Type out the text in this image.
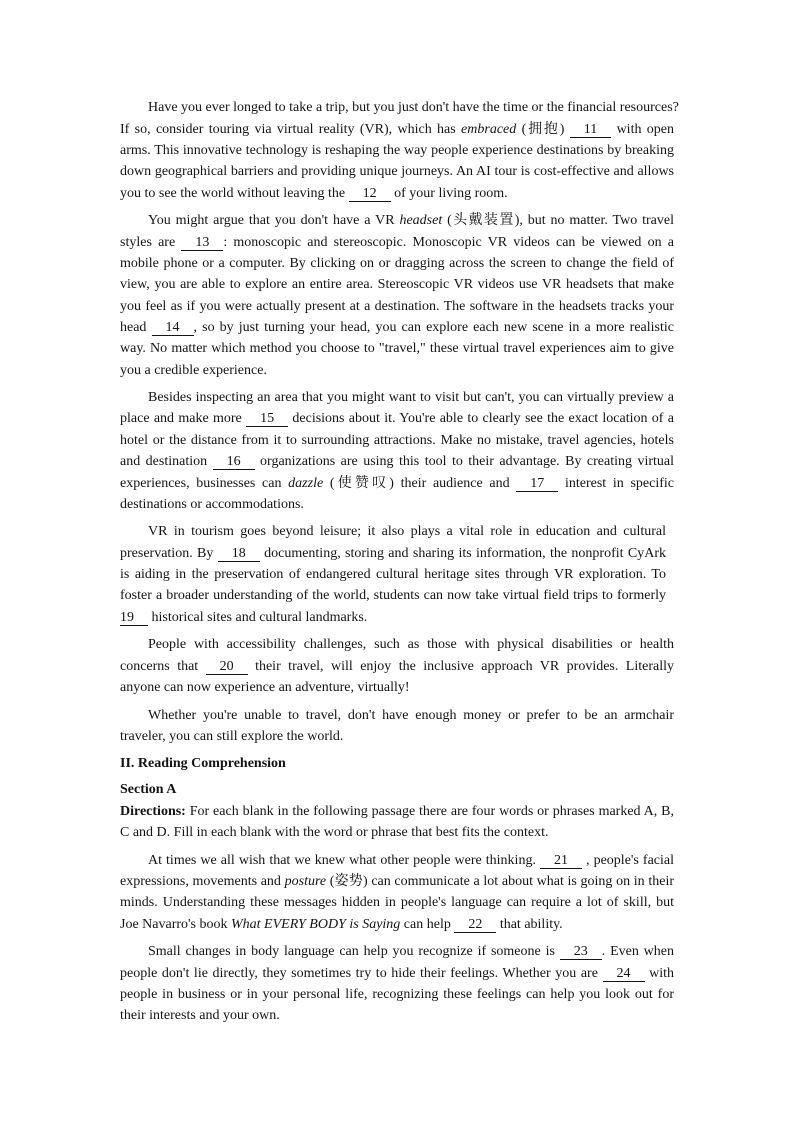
Have you ever longed to take a trip, but you just don't have the time or the financial resources?
If so, consider touring via virtual reality (VR), which has embraced (拥抱) 11 with open
arms. This innovative technology is reshaping the way people experience destinations by breaking
down geographical barriers and providing unique journeys. An AI tour is cost-effective and allows
you to see the world without leaving the 12 of your living room.
You might argue that you don't have a VR headset (头戴装置), but no matter. Two travel
styles are 13 : monoscopic and stereoscopic. Monoscopic VR videos can be viewed on a
mobile phone or a computer. By clicking on or dragging across the screen to change the field of
view, you are able to explore an entire area. Stereoscopic VR videos use VR headsets that make
you feel as if you were actually present at a destination. The software in the headsets tracks your
head 14 , so by just turning your head, you can explore each new scene in a more realistic
way. No matter which method you choose to "travel," these virtual travel experiences aim to give
you a credible experience.
Besides inspecting an area that you might want to visit but can't, you can virtually preview a
place and make more 15 decisions about it. You're able to clearly see the exact location of a
hotel or the distance from it to surrounding attractions. Make no mistake, travel agencies, hotels
and destination 16 organizations are using this tool to their advantage. By creating virtual
experiences, businesses can dazzle (使赞叹) their audience and 17 interest in specific
destinations or accommodations.
VR in tourism goes beyond leisure; it also plays a vital role in education and cultural
preservation. By 18 documenting, storing and sharing its information, the nonprofit CyArk
is aiding in the preservation of endangered cultural heritage sites through VR exploration. To
foster a broader understanding of the world, students can now take virtual field trips to formerly
19 historical sites and cultural landmarks.
People with accessibility challenges, such as those with physical disabilities or health
concerns that 20 their travel, will enjoy the inclusive approach VR provides. Literally
anyone can now experience an adventure, virtually!
Whether you're unable to travel, don't have enough money or prefer to be an armchair
traveler, you can still explore the world.
II. Reading Comprehension
Section A
Directions: For each blank in the following passage there are four words or phrases marked A, B,
C and D. Fill in each blank with the word or phrase that best fits the context.
At times we all wish that we knew what other people were thinking. 21 , people's facial
expressions, movements and posture (姿势) can communicate a lot about what is going on in their
minds. Understanding these messages hidden in people's language can require a lot of skill, but
Joe Navarro's book What EVERY BODY is Saying can help 22 that ability.
Small changes in body language can help you recognize if someone is 23 . Even when
people don't lie directly, they sometimes try to hide their feelings. Whether you are 24 with
people in business or in your personal life, recognizing these feelings can help you look out for
their interests and your own.
